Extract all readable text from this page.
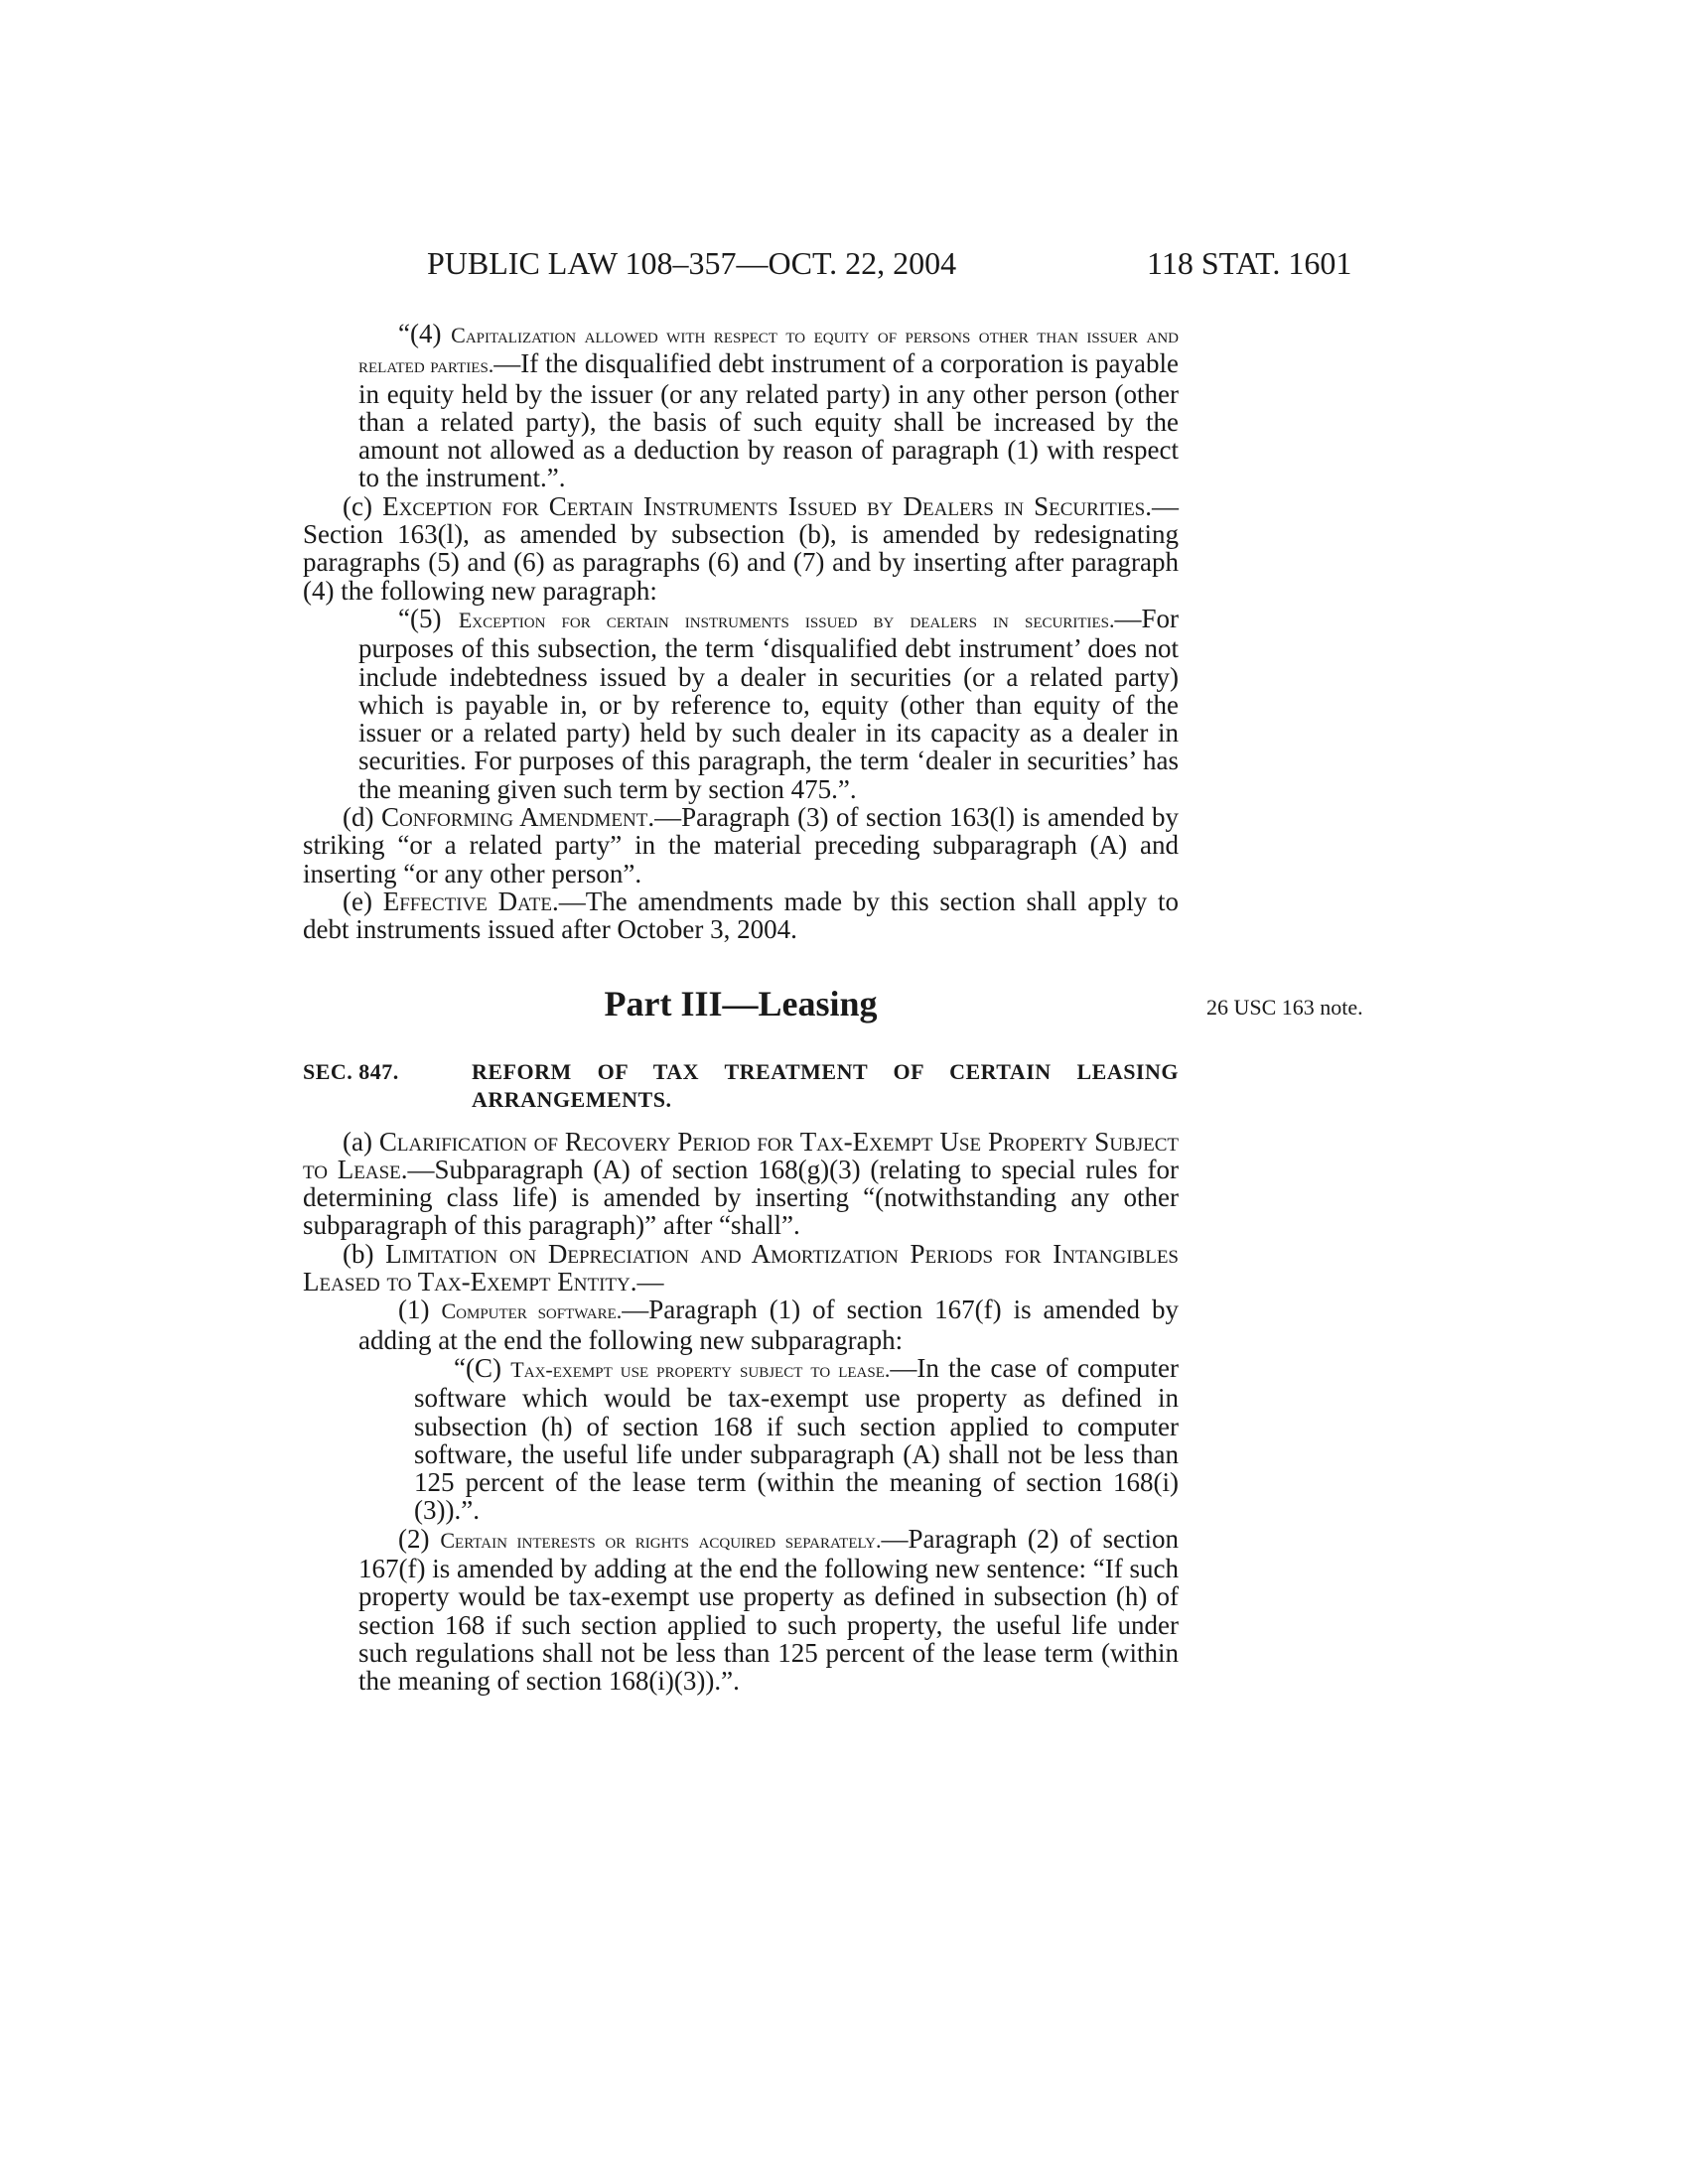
PUBLIC LAW 108–357—OCT. 22, 2004	118 STAT. 1601
26 USC 163 note.

“(4) Capitalization allowed with respect to equity of persons other than issuer and related parties.—If the disqualified debt instrument of a corporation is payable in equity held by the issuer (or any related party) in any other person (other than a related party), the basis of such equity shall be increased by the amount not allowed as a deduction by reason of paragraph (1) with respect to the instrument.”.

(c) Exception for Certain Instruments Issued by Dealers in Securities.—Section 163(l), as amended by subsection (b), is amended by redesignating paragraphs (5) and (6) as paragraphs (6) and (7) and by inserting after paragraph (4) the following new paragraph:

“(5) Exception for certain instruments issued by dealers in securities.—For purposes of this subsection, the term ‘disqualified debt instrument’ does not include indebtedness issued by a dealer in securities (or a related party) which is payable in, or by reference to, equity (other than equity of the issuer or a related party) held by such dealer in its capacity as a dealer in securities. For purposes of this paragraph, the term ‘dealer in securities’ has the meaning given such term by section 475.”.

(d) Conforming Amendment.—Paragraph (3) of section 163(l) is amended by striking “or a related party” in the material preceding subparagraph (A) and inserting “or any other person”.

(e) Effective Date.—The amendments made by this section shall apply to debt instruments issued after October 3, 2004.

Part III—Leasing
SEC. 847.	REFORM OF TAX TREATMENT OF CERTAIN LEASING ARRANGEMENTS.

(a) Clarification of Recovery Period for Tax-Exempt Use Property Subject to Lease.—Subparagraph (A) of section 168(g)(3) (relating to special rules for determining class life) is amended by inserting “(notwithstanding any other subparagraph of this paragraph)” after “shall”.

(b) Limitation on Depreciation and Amortization Periods for Intangibles Leased to Tax-Exempt Entity.—

(1) Computer software.—Paragraph (1) of section 167(f) is amended by adding at the end the following new subparagraph:

“(C) Tax-exempt use property subject to lease.—In the case of computer software which would be tax-exempt use property as defined in subsection (h) of section 168 if such section applied to computer software, the useful life under subparagraph (A) shall not be less than 125 percent of the lease term (within the meaning of section 168(i)(3)).”.

(2) Certain interests or rights acquired separately.—Paragraph (2) of section 167(f) is amended by adding at the end the following new sentence: “If such property would be tax-exempt use property as defined in subsection (h) of section 168 if such section applied to such property, the useful life under such regulations shall not be less than 125 percent of the lease term (within the meaning of section 168(i)(3)).”.
